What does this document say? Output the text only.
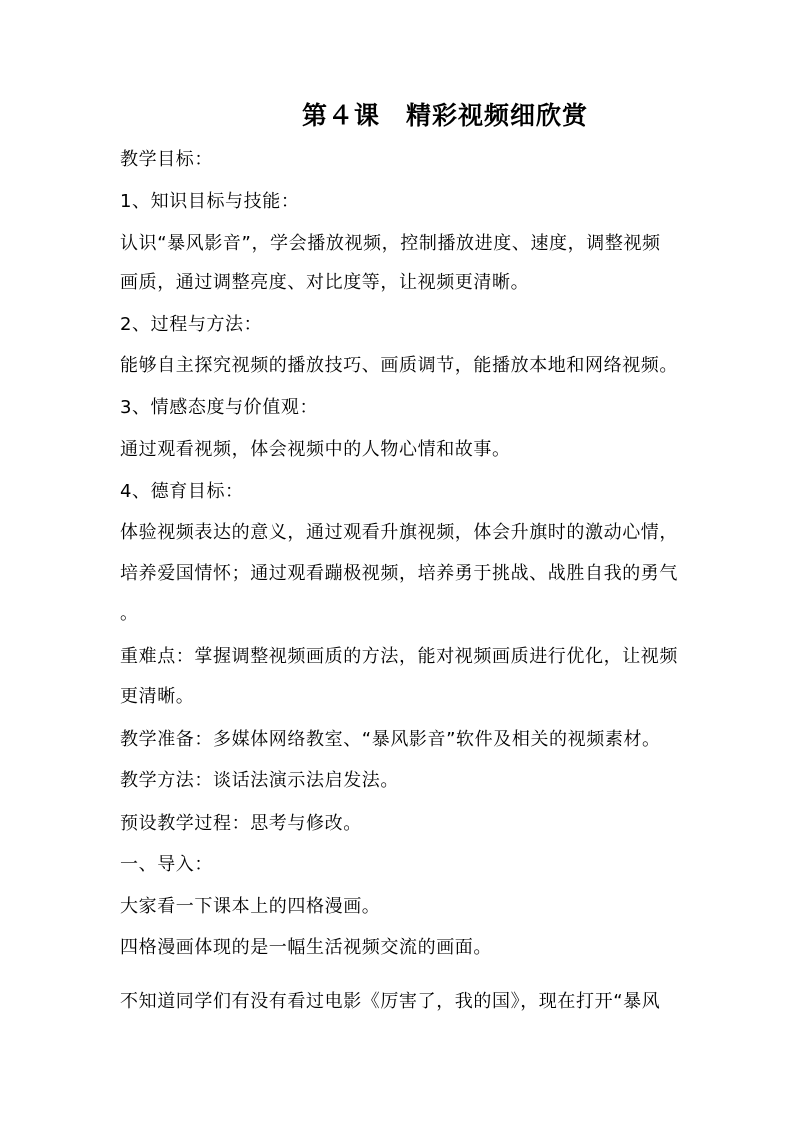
第４课　精彩视频细欣赏
教学目标：
1、知识目标与技能：
认识“暴风影音”，学会播放视频，控制播放进度、速度，调整视频
画质，通过调整亮度、对比度等，让视频更清晰。
2、过程与方法：
能够自主探究视频的播放技巧、画质调节，能播放本地和网络视频。
3、情感态度与价值观：
通过观看视频，体会视频中的人物心情和故事。
4、德育目标：
体验视频表达的意义，通过观看升旗视频，体会升旗时的激动心情，
培养爱国情怀；通过观看蹦极视频，培养勇于挑战、战胜自我的勇气
。
重难点：掌握调整视频画质的方法，能对视频画质进行优化，让视频
更清晰。
教学准备：多媒体网络教室、“暴风影音”软件及相关的视频素材。
教学方法：谈话法演示法启发法。
预设教学过程：思考与修改。
一、导入：
大家看一下课本上的四格漫画。
四格漫画体现的是一幅生活视频交流的画面。
不知道同学们有没有看过电影《厉害了，我的国》，现在打开“暴风
